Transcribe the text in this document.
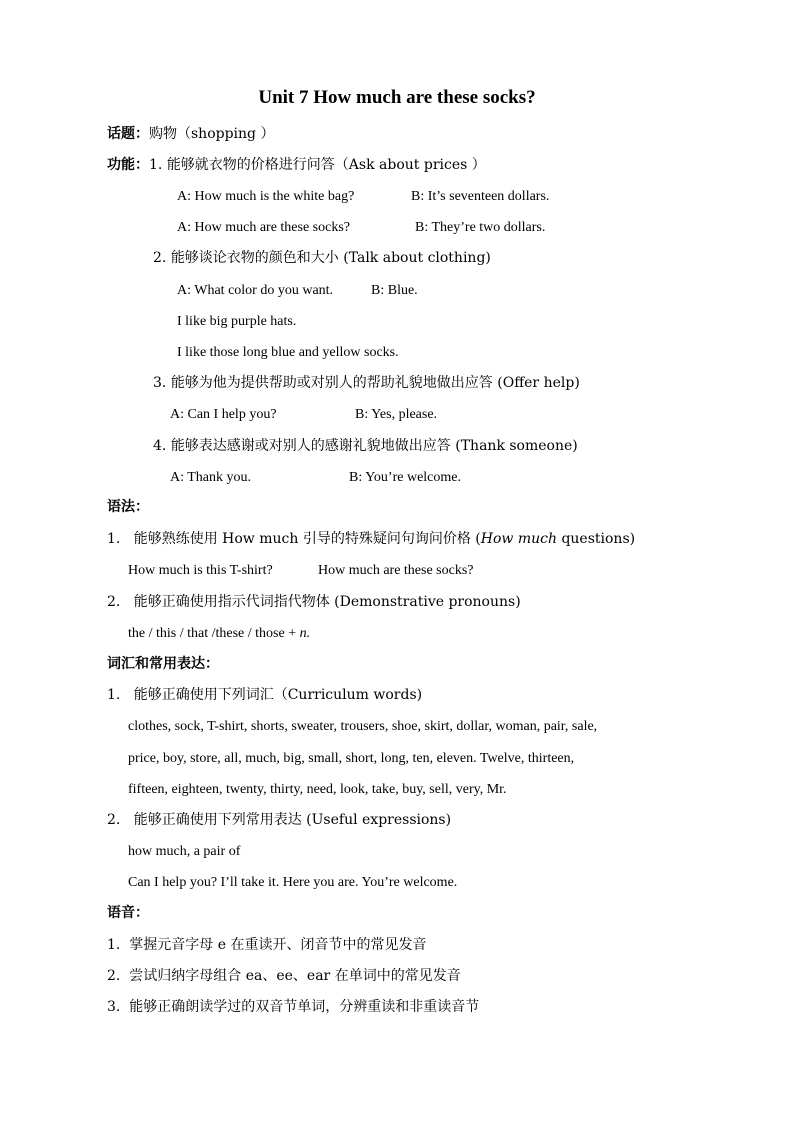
Unit 7 How much are these socks?
话题：购物（shopping ）
功能：1. 能够就衣物的价格进行问答（Ask about prices ）
A: How much is the white bag?	B: It’s seventeen dollars.
A: How much are these socks?	B: They’re two dollars.
2. 能够谈论衣物的颜色和大小 (Talk about clothing)
A: What color do you want.	B: Blue.
I like big purple hats.
I like those long blue and yellow socks.
3. 能够为他为提供帮助或对别人的帮助礼貌地做出应答 (Offer help)
A: Can I help you?	B: Yes, please.
4. 能够表达感谢或对别人的感谢礼貌地做出应答 (Thank someone)
A: Thank you.	B: You’re welcome.
语法：
1. 能够熟练使用 How much 引导的特殊疑问句询问价格 (How much questions)
How much is this T-shirt?	How much are these socks?
2. 能够正确使用指示代词指代物体 (Demonstrative pronouns)
the / this / that /these / those + n.
词汇和常用表达：
1. 能够正确使用下列词汇（Curriculum words)
clothes, sock, T-shirt, shorts, sweater, trousers, shoe, skirt, dollar, woman, pair, sale,
price, boy, store, all, much, big, small, short, long, ten, eleven. Twelve, thirteen,
fifteen, eighteen, twenty, thirty, need, look, take, buy, sell, very, Mr.
2. 能够正确使用下列常用表达 (Useful expressions)
how much, a pair of
Can I help you? I’ll take it. Here you are. You’re welcome.
语音：
1. 掌握元音字母 e 在重读开、闭音节中的常见发音
2. 尝试归纳字母组合 ea、ee、ear 在单词中的常见发音
3. 能够正确朗读学过的双音节单词，分辨重读和非重读音节
